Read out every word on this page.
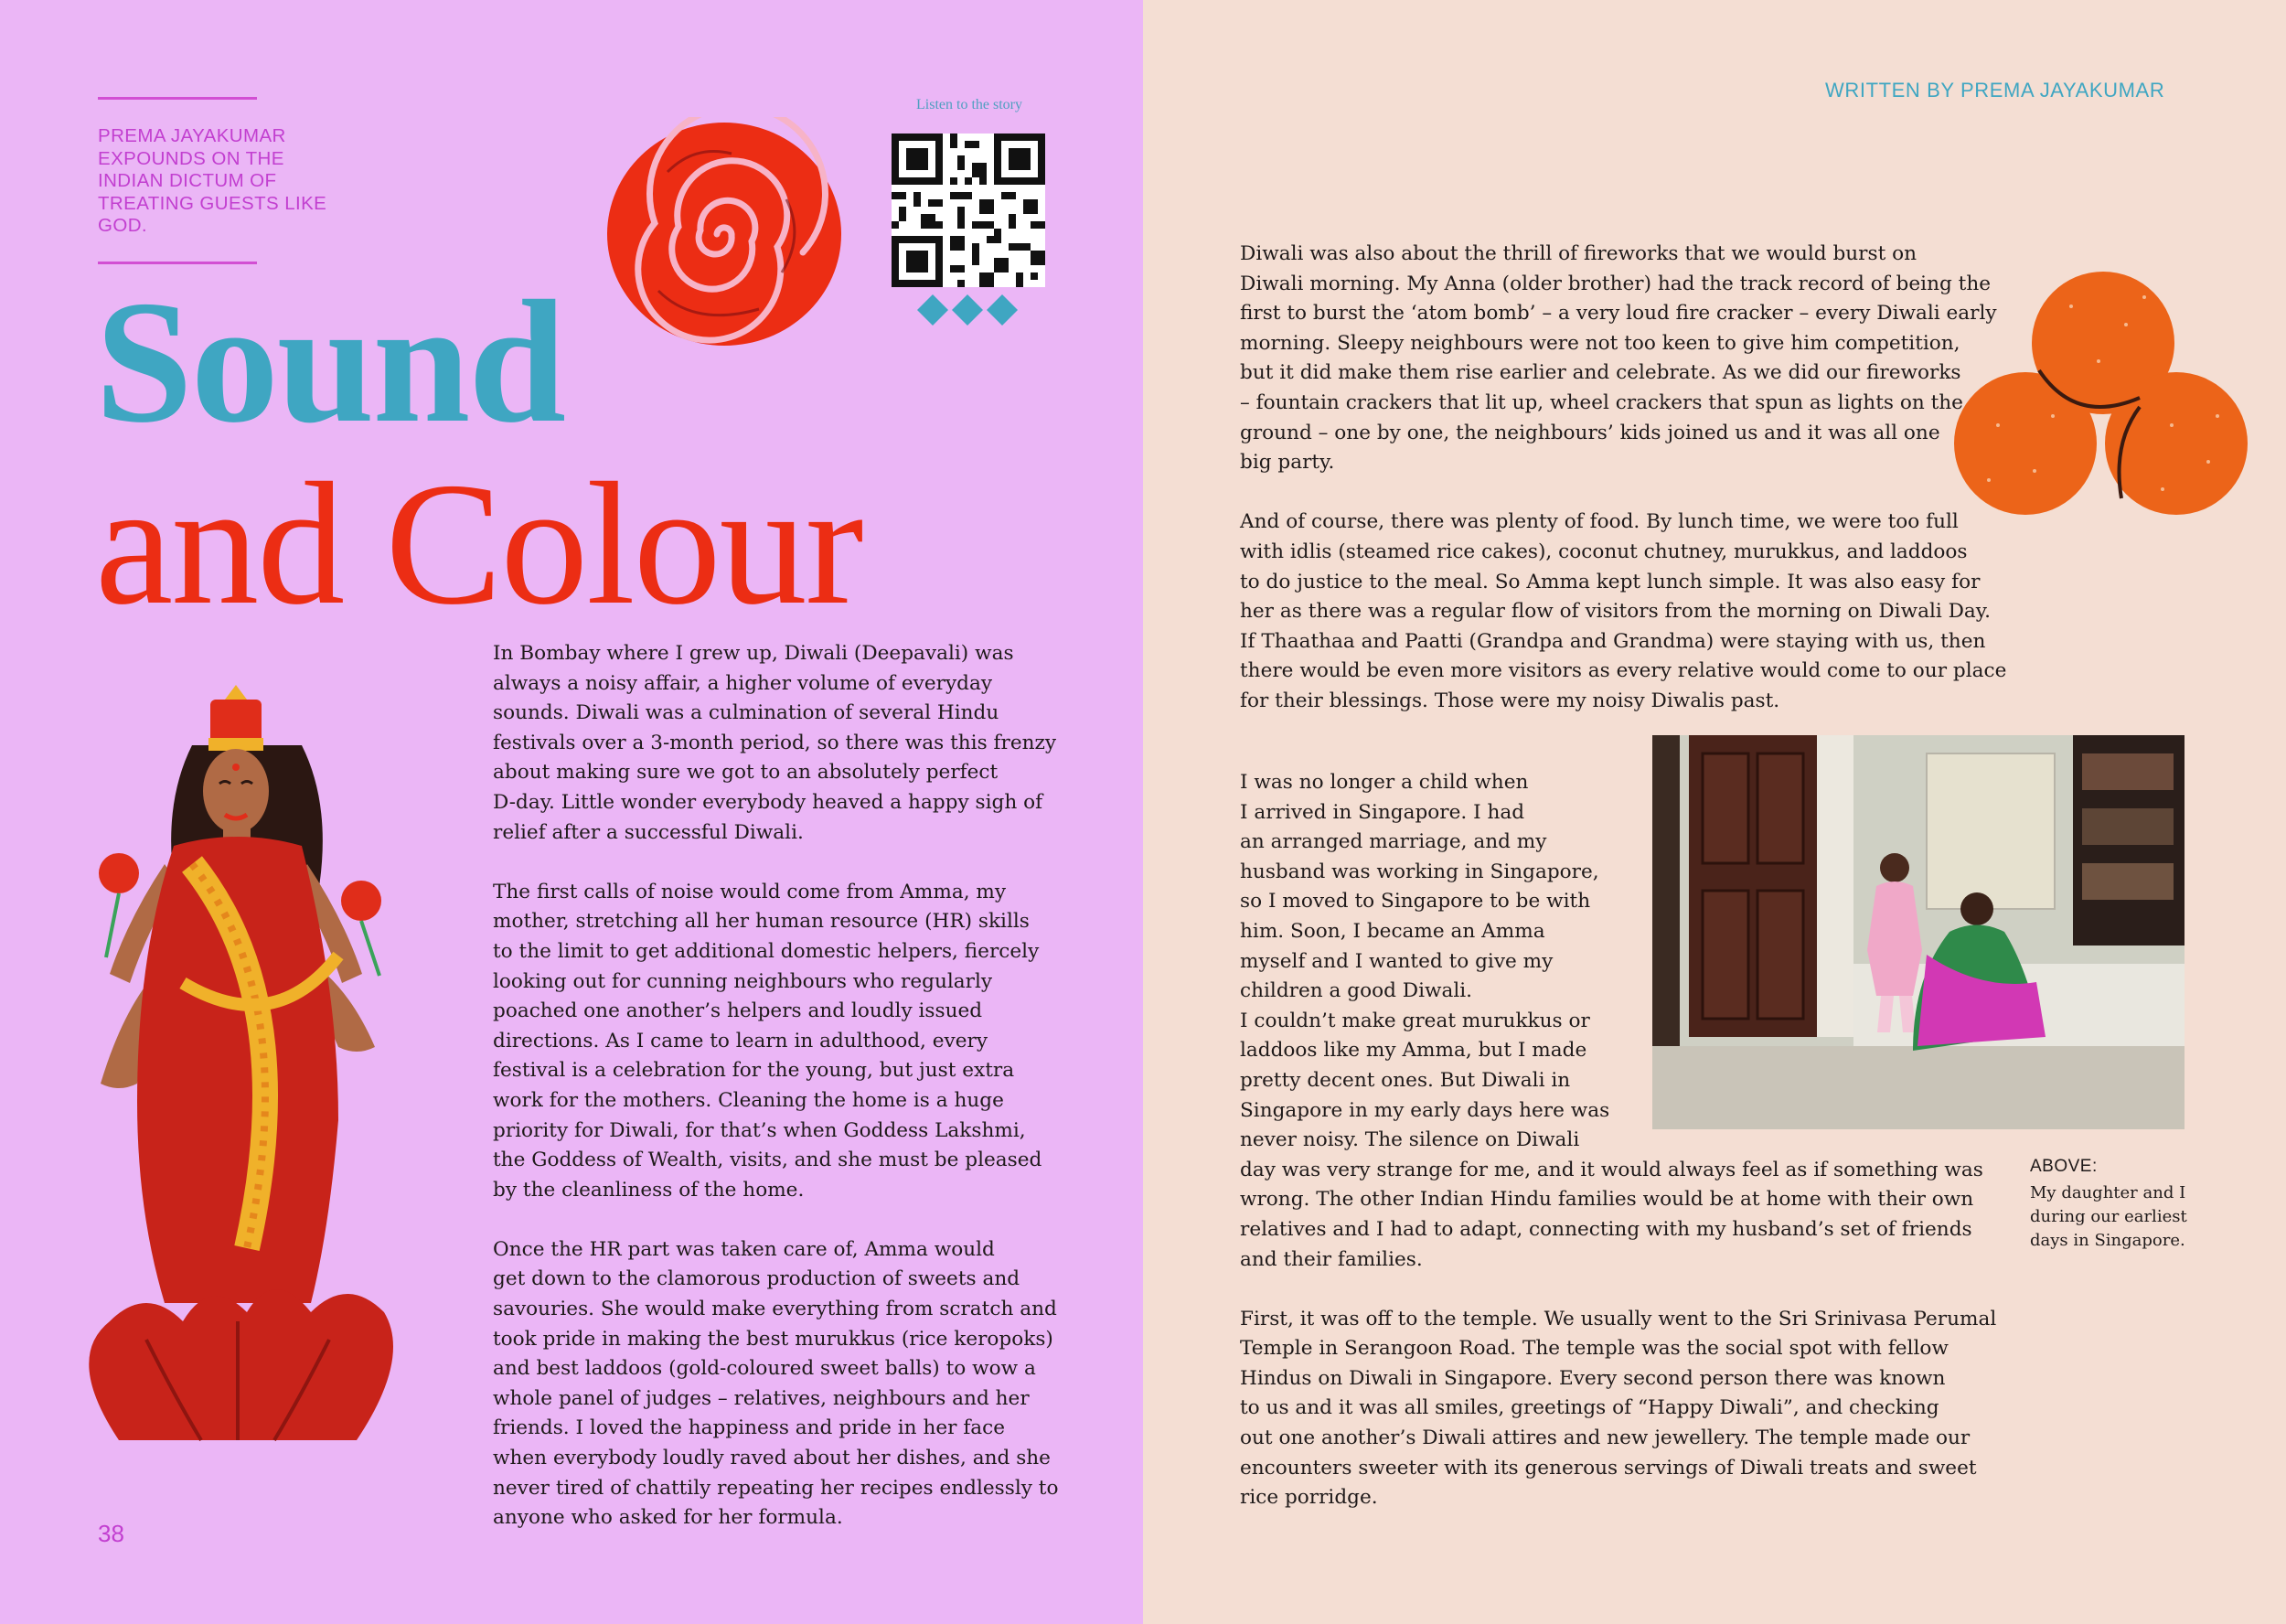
PREMA JAYAKUMAR EXPOUNDS ON THE INDIAN DICTUM OF TREATING GUESTS LIKE GOD.
Sound
and Colour
Listen to the story

In Bombay where I grew up, Diwali (Deepavali) was
always a noisy affair, a higher volume of everyday
sounds. Diwali was a culmination of several Hindu
festivals over a 3-month period, so there was this frenzy
about making sure we got to an absolutely perfect
D-day. Little wonder everybody heaved a happy sigh of
relief after a successful Diwali.

The first calls of noise would come from Amma, my
mother, stretching all her human resource (HR) skills
to the limit to get additional domestic helpers, fiercely
looking out for cunning neighbours who regularly
poached one another’s helpers and loudly issued
directions. As I came to learn in adulthood, every
festival is a celebration for the young, but just extra
work for the mothers. Cleaning the home is a huge
priority for Diwali, for that’s when Goddess Lakshmi,
the Goddess of Wealth, visits, and she must be pleased
by the cleanliness of the home.

Once the HR part was taken care of, Amma would
get down to the clamorous production of sweets and
savouries. She would make everything from scratch and
took pride in making the best murukkus (rice keropoks)
and best laddoos (gold-coloured sweet balls) to wow a
whole panel of judges – relatives, neighbours and her
friends. I loved the happiness and pride in her face
when everybody loudly raved about her dishes, and she
never tired of chattily repeating her recipes endlessly to
anyone who asked for her formula.

38
WRITTEN BY PREMA JAYAKUMAR

Diwali was also about the thrill of fireworks that we would burst on
Diwali morning. My Anna (older brother) had the track record of being the
first to burst the ‘atom bomb’ – a very loud fire cracker – every Diwali early
morning. Sleepy neighbours were not too keen to give him competition,
but it did make them rise earlier and celebrate. As we did our fireworks
– fountain crackers that lit up, wheel crackers that spun as lights on the
ground – one by one, the neighbours’ kids joined us and it was all one
big party.

And of course, there was plenty of food. By lunch time, we were too full
with idlis (steamed rice cakes), coconut chutney, murukkus, and laddoos
to do justice to the meal. So Amma kept lunch simple. It was also easy for
her as there was a regular flow of visitors from the morning on Diwali Day.
If Thaathaa and Paatti (Grandpa and Grandma) were staying with us, then
there would be even more visitors as every relative would come to our place
for their blessings. Those were my noisy Diwalis past.

I was no longer a child when
I arrived in Singapore. I had
an arranged marriage, and my
husband was working in Singapore,
so I moved to Singapore to be with
him. Soon, I became an Amma
myself and I wanted to give my
children a good Diwali.
I couldn’t make great murukkus or
laddoos like my Amma, but I made
pretty decent ones. But Diwali in
Singapore in my early days here was
never noisy. The silence on Diwali
day was very strange for me, and it would always feel as if something was
wrong. The other Indian Hindu families would be at home with their own
relatives and I had to adapt, connecting with my husband’s set of friends
and their families.

First, it was off to the temple. We usually went to the Sri Srinivasa Perumal
Temple in Serangoon Road. The temple was the social spot with fellow
Hindus on Diwali in Singapore. Every second person there was known
to us and it was all smiles, greetings of “Happy Diwali”, and checking
out one another’s Diwali attires and new jewellery. The temple made our
encounters sweeter with its generous servings of Diwali treats and sweet
rice porridge.

ABOVE:
My daughter and I
during our earliest
days in Singapore.
